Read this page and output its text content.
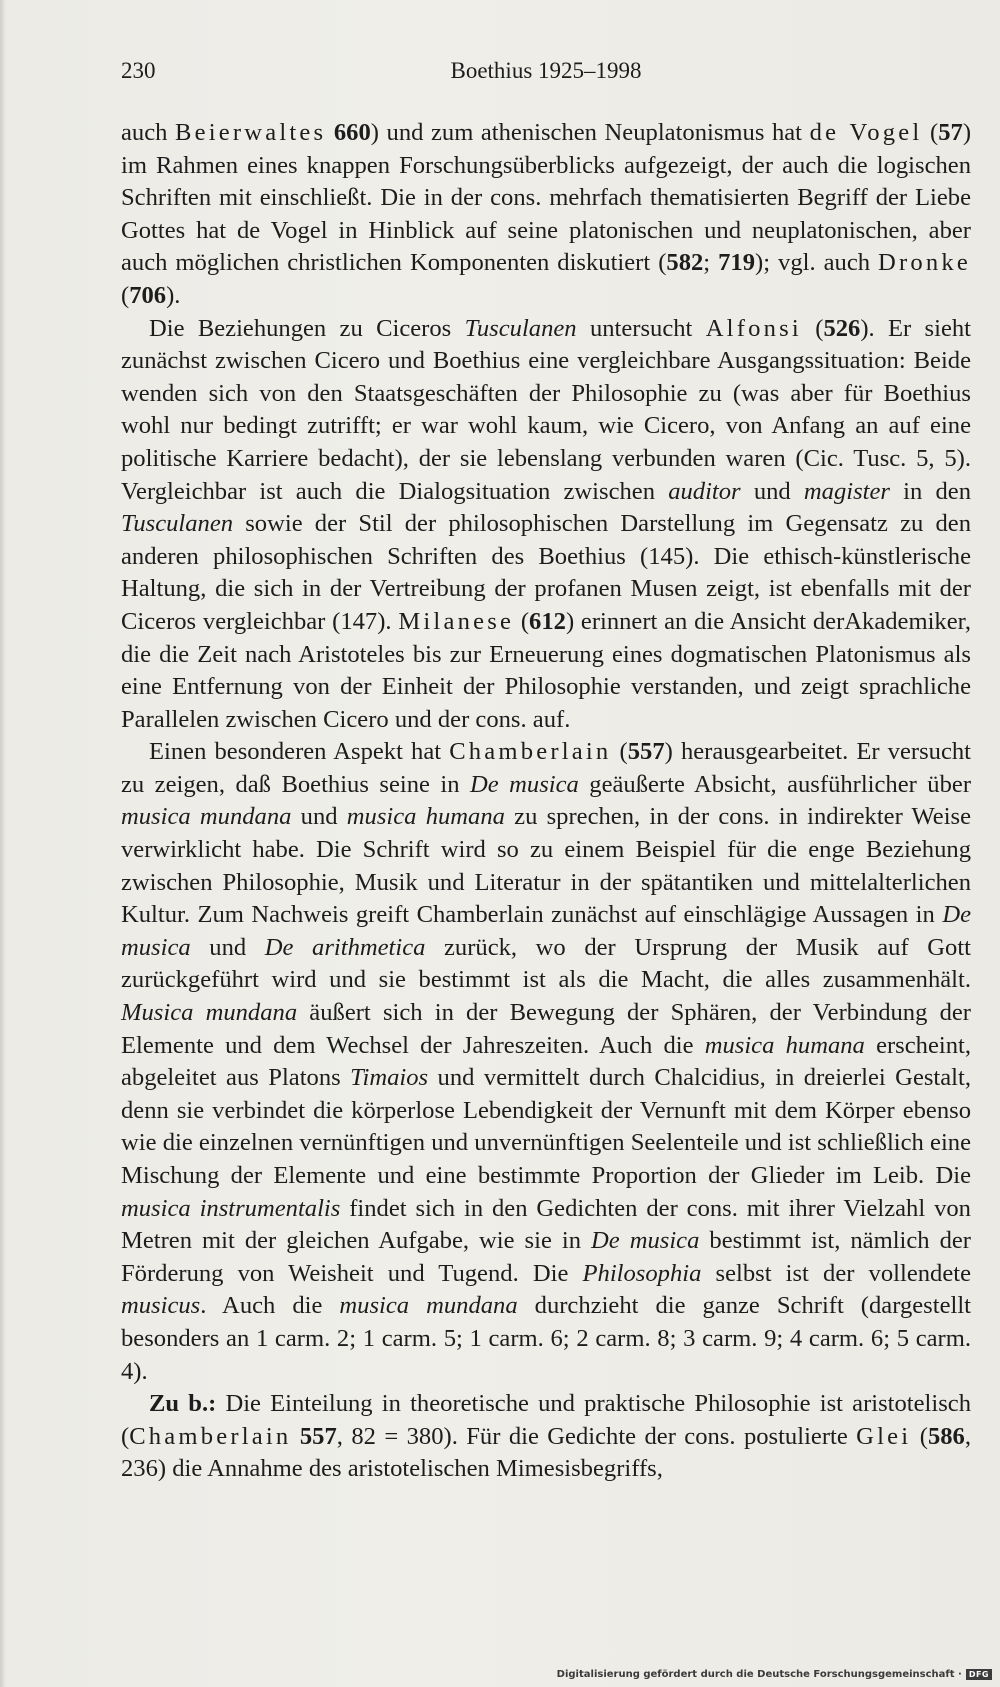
230	Boethius 1925–1998

auch Beierwaltes 660) und zum athenischen Neuplatonismus hat de Vogel (57) im Rahmen eines knappen Forschungsüberblicks aufgezeigt, der auch die logischen Schriften mit einschließt. Die in der cons. mehrfach thematisierten Begriff der Liebe Gottes hat de Vogel in Hinblick auf seine platonischen und neuplatonischen, aber auch möglichen christlichen Komponenten diskutiert (582; 719); vgl. auch Dronke (706).

Die Beziehungen zu Ciceros Tusculanen untersucht Alfonsi (526). Er sieht zunächst zwischen Cicero und Boethius eine vergleichbare Ausgangssituation: Beide wenden sich von den Staatsgeschäften der Philosophie zu (was aber für Boethius wohl nur bedingt zutrifft; er war wohl kaum, wie Cicero, von Anfang an auf eine politische Karriere bedacht), der sie lebenslang verbunden waren (Cic. Tusc. 5, 5). Vergleichbar ist auch die Dialogsituation zwischen auditor und magister in den Tusculanen sowie der Stil der philosophischen Darstellung im Gegensatz zu den anderen philosophischen Schriften des Boethius (145). Die ethisch-künstlerische Haltung, die sich in der Vertreibung der profanen Musen zeigt, ist ebenfalls mit der Ciceros vergleichbar (147). Milanese (612) erinnert an die Ansicht derAkademiker, die die Zeit nach Aristoteles bis zur Erneuerung eines dogmatischen Platonismus als eine Entfernung von der Einheit der Philosophie verstanden, und zeigt sprachliche Parallelen zwischen Cicero und der cons. auf.

Einen besonderen Aspekt hat Chamberlain (557) herausgearbeitet. Er versucht zu zeigen, daß Boethius seine in De musica geäußerte Absicht, ausführlicher über musica mundana und musica humana zu sprechen, in der cons. in indirekter Weise verwirklicht habe. Die Schrift wird so zu einem Beispiel für die enge Beziehung zwischen Philosophie, Musik und Literatur in der spätantiken und mittelalterlichen Kultur. Zum Nachweis greift Chamberlain zunächst auf einschlägige Aussagen in De musica und De arithmetica zurück, wo der Ursprung der Musik auf Gott zurückgeführt wird und sie bestimmt ist als die Macht, die alles zusammenhält. Musica mundana äußert sich in der Bewegung der Sphären, der Verbindung der Elemente und dem Wechsel der Jahreszeiten. Auch die musica humana erscheint, abgeleitet aus Platons Timaios und vermittelt durch Chalcidius, in dreierlei Gestalt, denn sie verbindet die körperlose Lebendigkeit der Vernunft mit dem Körper ebenso wie die einzelnen vernünftigen und unvernünftigen Seelenteile und ist schließlich eine Mischung der Elemente und eine bestimmte Proportion der Glieder im Leib. Die musica instrumentalis findet sich in den Gedichten der cons. mit ihrer Vielzahl von Metren mit der gleichen Aufgabe, wie sie in De musica bestimmt ist, nämlich der Förderung von Weisheit und Tugend. Die Philosophia selbst ist der vollendete musicus. Auch die musica mundana durchzieht die ganze Schrift (dargestellt besonders an 1 carm. 2; 1 carm. 5; 1 carm. 6; 2 carm. 8; 3 carm. 9; 4 carm. 6; 5 carm. 4).

Zu b.: Die Einteilung in theoretische und praktische Philosophie ist aristotelisch (Chamberlain 557, 82 = 380). Für die Gedichte der cons. postulierte Glei (586, 236) die Annahme des aristotelischen Mimesisbegriffs,

Digitalisierung gefördert durch die Deutsche Forschungsgemeinschaft · DFG
